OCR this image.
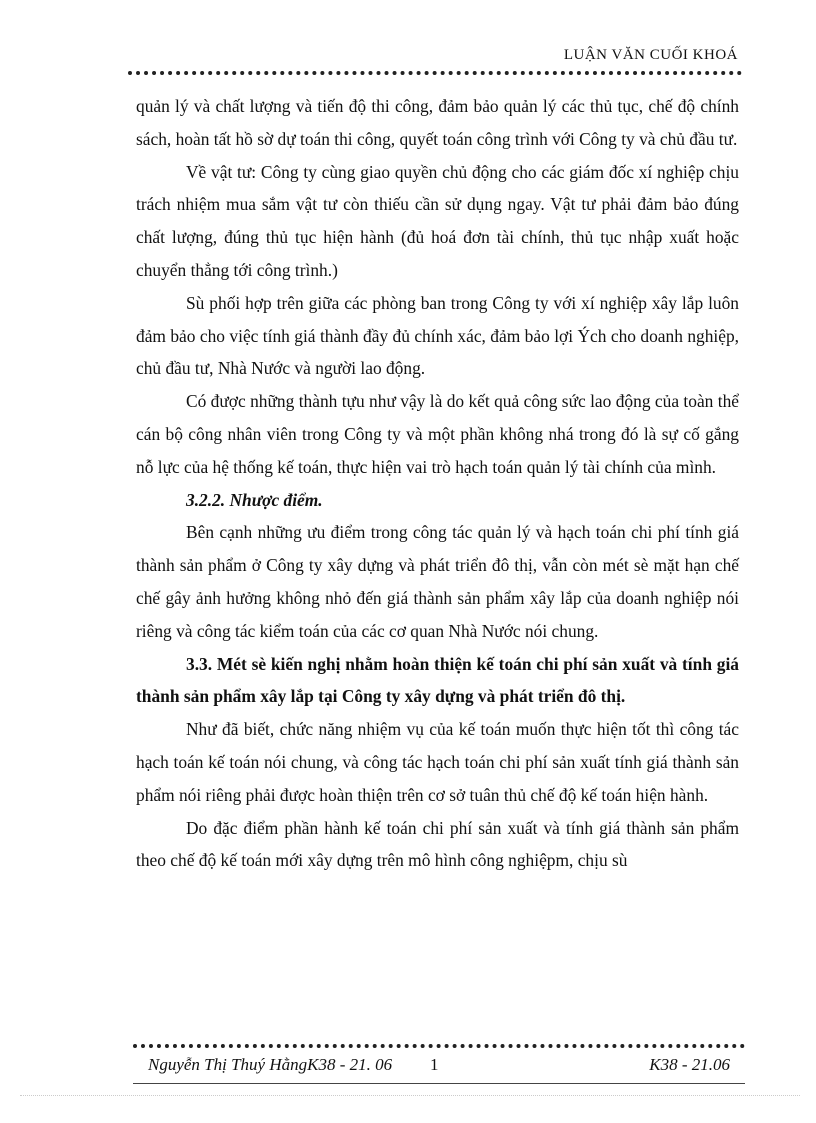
LUẬN VĂN CUỐI KHOÁ

quản lý và chất lượng và tiến độ thi công, đảm bảo quản lý các thủ tục, chế độ chính sách, hoàn tất hồ sờ dự toán thi công, quyết toán công trình với Công ty và chủ đầu tư.

Về vật tư: Công ty cùng giao quyền chủ động cho các giám đốc xí nghiệp chịu trách nhiệm mua sắm vật tư còn thiếu cần sử dụng ngay. Vật tư phải đảm bảo đúng chất lượng, đúng thủ tục hiện hành (đủ hoá đơn tài chính, thủ tục nhập xuất hoặc chuyển thẳng tới công trình.)

Sù phối hợp trên giữa các phòng ban trong Công ty với xí nghiệp xây lắp luôn đảm bảo cho việc tính giá thành đầy đủ chính xác, đảm bảo lợi Ých cho doanh nghiệp, chủ đầu tư, Nhà Nước và người lao động.

Có được những thành tựu như vậy là do kết quả công sức lao động của toàn thể cán bộ công nhân viên trong Công ty và một phần không nhá trong đó là sự cố gắng nỗ lực của hệ thống kế toán, thực hiện vai trò hạch toán quản lý tài chính của mình.

3.2.2. Nhược điểm.

Bên cạnh những ưu điểm trong công tác quản lý và hạch toán chi phí tính giá thành sản phẩm ở Công ty xây dựng và phát triển đô thị, vẫn còn mét sè mặt hạn chế chế gây ảnh hưởng không nhỏ đến giá thành sản phẩm xây lắp của doanh nghiệp nói riêng và công tác kiểm toán của các cơ quan Nhà Nước nói chung.

3.3. Mét sè kiến nghị nhằm hoàn thiện kế toán chi phí sản xuất và tính giá thành sản phẩm xây lắp tại Công ty xây dựng và phát triển đô thị.

Như đã biết, chức năng nhiệm vụ của kế toán muốn thực hiện tốt thì công tác hạch toán kế toán nói chung, và công tác hạch toán chi phí sản xuất tính giá thành sản phẩm nói riêng phải được hoàn thiện trên cơ sở tuân thủ chế độ kế toán hiện hành.

Do đặc điểm phần hành kế toán chi phí sản xuất và tính giá thành sản phẩm theo chế độ kế toán mới xây dựng trên mô hình công nghiệpm, chịu sù

Nguyễn Thị Thuý HằngK38 - 21. 06 1	K38 - 21.06
